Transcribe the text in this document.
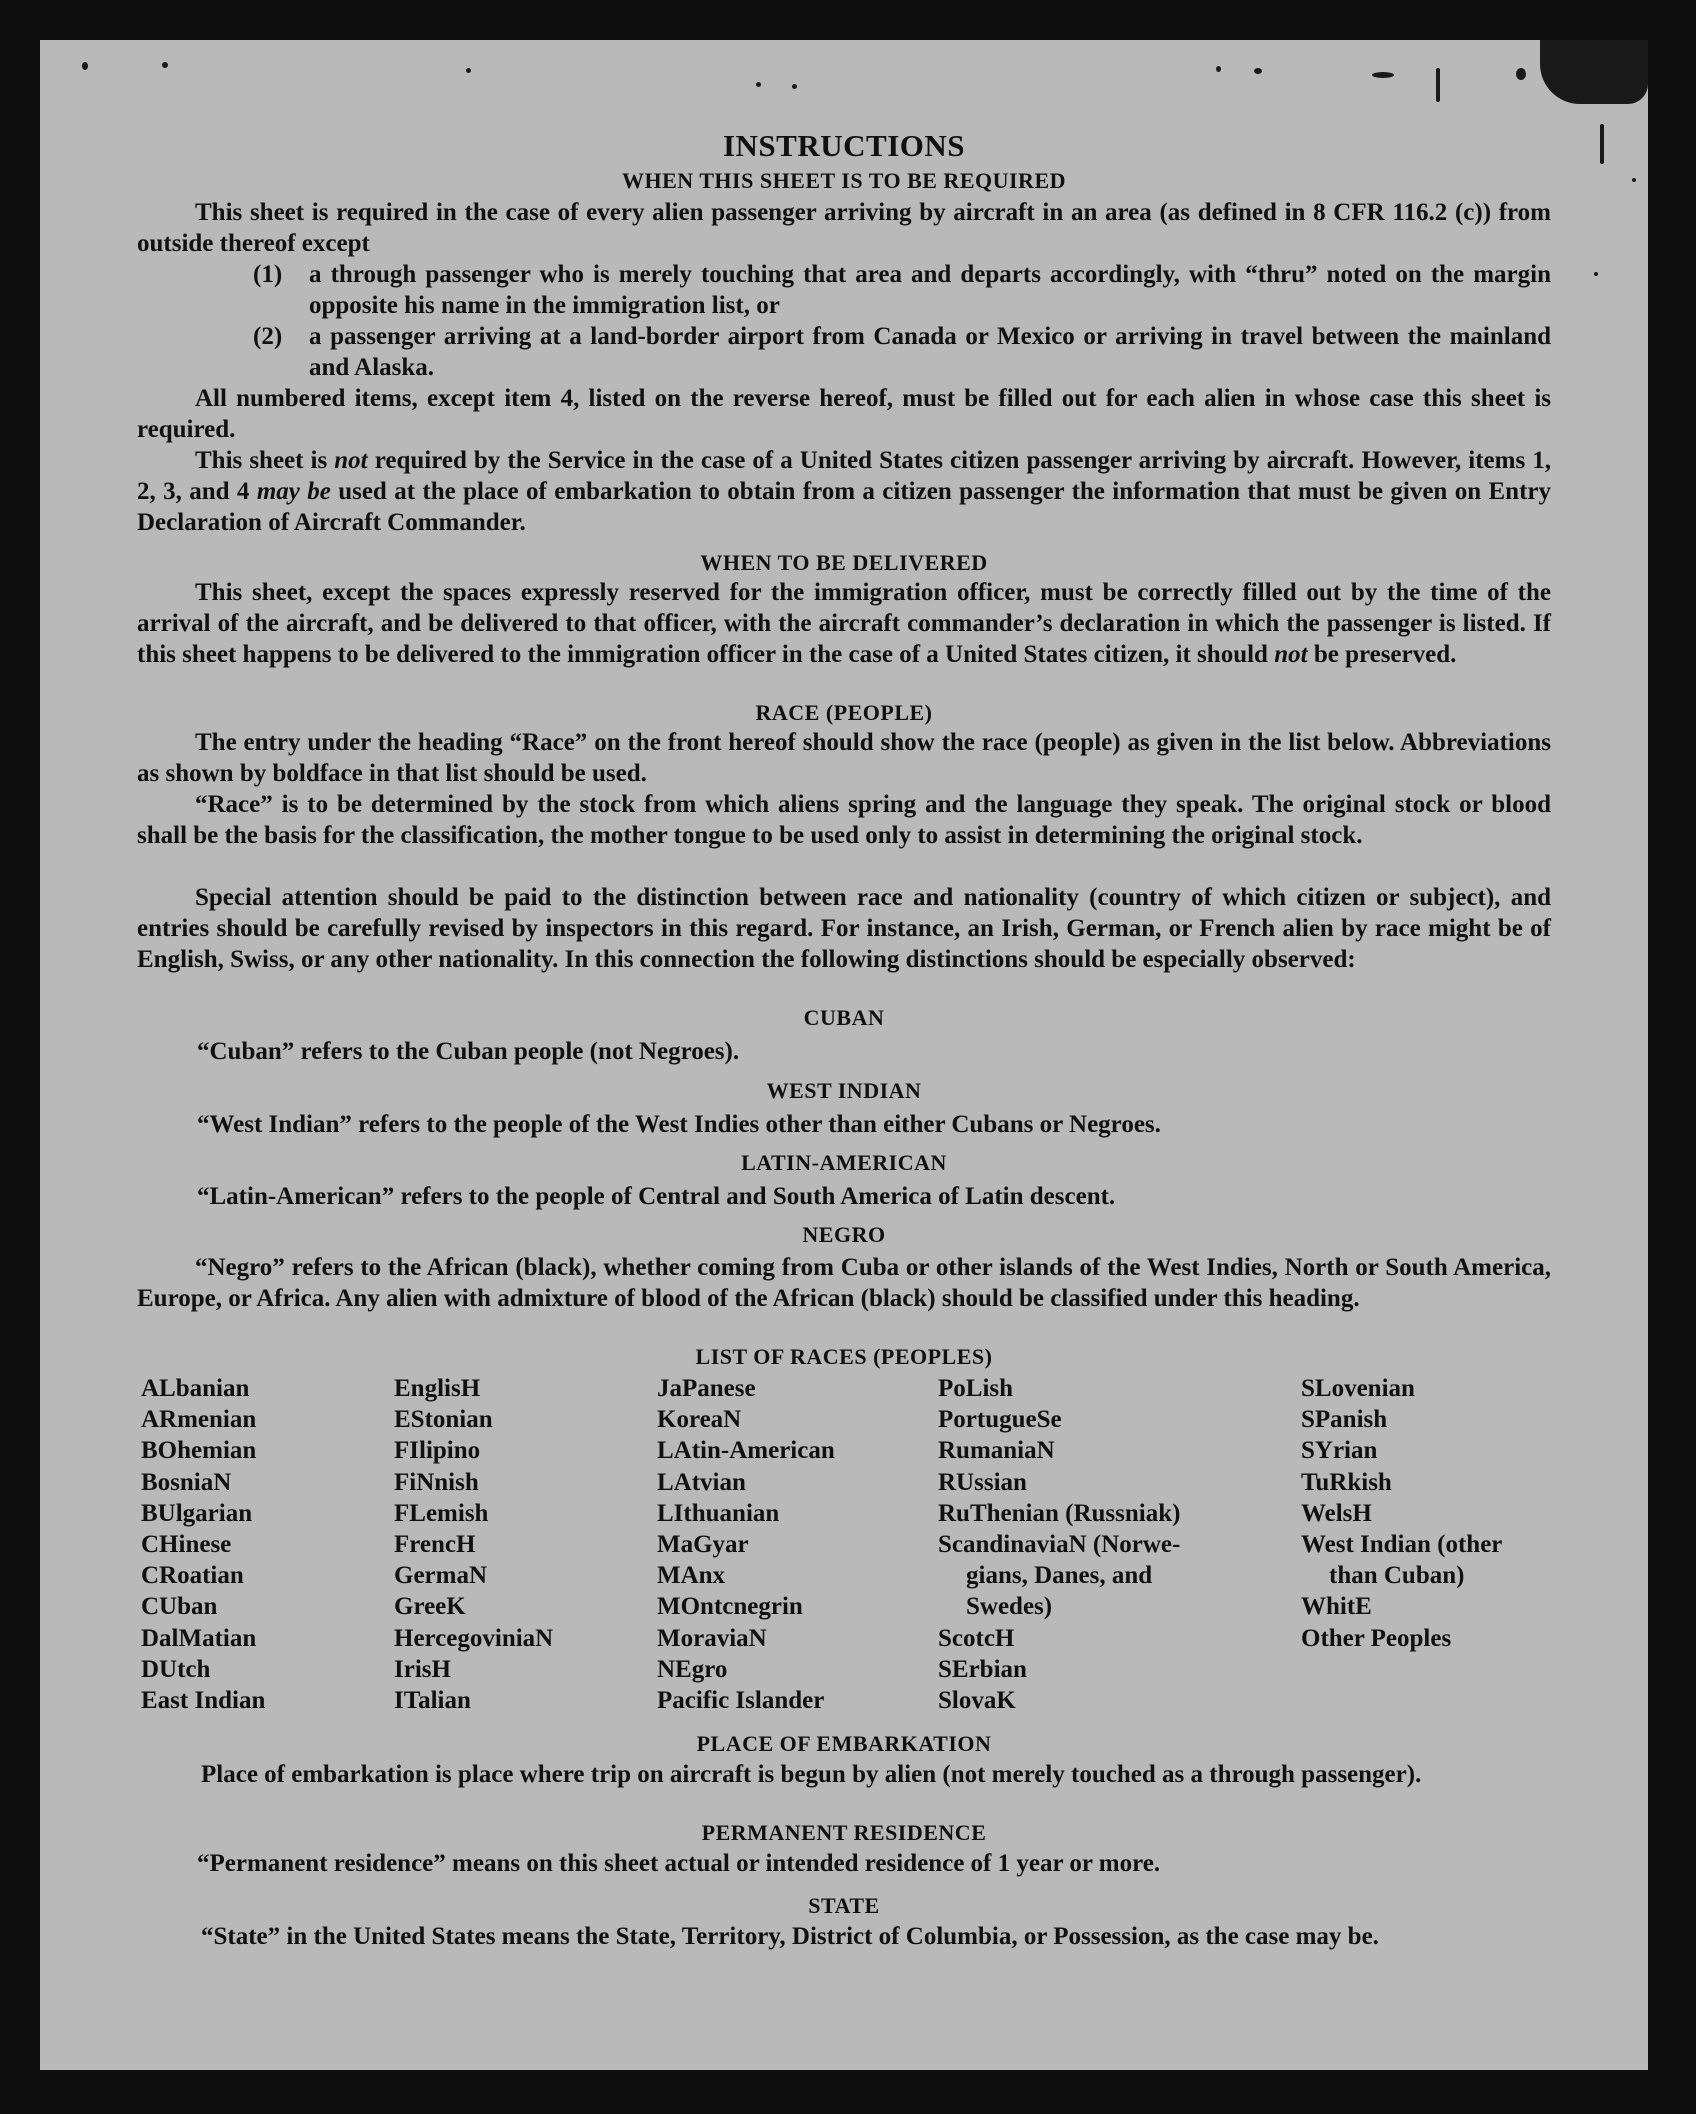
INSTRUCTIONS
WHEN THIS SHEET IS TO BE REQUIRED
This sheet is required in the case of every alien passenger arriving by aircraft in an area (as defined in 8 CFR 116.2 (c)) from outside thereof except
(1) a through passenger who is merely touching that area and departs accordingly, with “thru” noted on the margin opposite his name in the immigration list, or
(2) a passenger arriving at a land-border airport from Canada or Mexico or arriving in travel between the mainland and Alaska.
All numbered items, except item 4, listed on the reverse hereof, must be filled out for each alien in whose case this sheet is required.
This sheet is not required by the Service in the case of a United States citizen passenger arriving by aircraft. However, items 1, 2, 3, and 4 may be used at the place of embarkation to obtain from a citizen passenger the information that must be given on Entry Declaration of Aircraft Commander.
WHEN TO BE DELIVERED
This sheet, except the spaces expressly reserved for the immigration officer, must be correctly filled out by the time of the arrival of the aircraft, and be delivered to that officer, with the aircraft commander’s declaration in which the passenger is listed. If this sheet happens to be delivered to the immigration officer in the case of a United States citizen, it should not be preserved.
RACE (PEOPLE)
The entry under the heading “Race” on the front hereof should show the race (people) as given in the list below. Abbreviations as shown by boldface in that list should be used.
“Race” is to be determined by the stock from which aliens spring and the language they speak. The original stock or blood shall be the basis for the classification, the mother tongue to be used only to assist in determining the original stock.
Special attention should be paid to the distinction between race and nationality (country of which citizen or subject), and entries should be carefully revised by inspectors in this regard. For instance, an Irish, German, or French alien by race might be of English, Swiss, or any other nationality. In this connection the following distinctions should be especially observed:
CUBAN
“Cuban” refers to the Cuban people (not Negroes).
WEST INDIAN
“West Indian” refers to the people of the West Indies other than either Cubans or Negroes.
LATIN-AMERICAN
“Latin-American” refers to the people of Central and South America of Latin descent.
NEGRO
“Negro” refers to the African (black), whether coming from Cuba or other islands of the West Indies, North or South America, Europe, or Africa. Any alien with admixture of blood of the African (black) should be classified under this heading.
LIST OF RACES (PEOPLES)
ALbanian
ARmenian
BOhemian
BosniaN
BUlgarian
CHinese
CRoatian
CUban
DalMatian
DUtch
East Indian
EnglisH
EStonian
FIlipino
FiNnish
FLemish
FrencH
GermaN
GreeK
HercegoviniaN
IrisH
ITalian
JaPanese
KoreaN
LAtin-American
LAtvian
LIthuanian
MaGyar
MAnx
MOntcnegrin
MoraviaN
NEgro
Pacific Islander
PoLish
PortugueSe
RumaniaN
RUssian
RuThenian (Russniak)
ScandinaviaN (Norwe-
gians, Danes, and
Swedes)
ScotcH
SErbian
SlovaK
SLovenian
SPanish
SYrian
TuRkish
WelsH
West Indian (other
than Cuban)
WhitE
Other Peoples
PLACE OF EMBARKATION
Place of embarkation is place where trip on aircraft is begun by alien (not merely touched as a through passenger).
PERMANENT RESIDENCE
“Permanent residence” means on this sheet actual or intended residence of 1 year or more.
STATE
“State” in the United States means the State, Territory, District of Columbia, or Possession, as the case may be.
